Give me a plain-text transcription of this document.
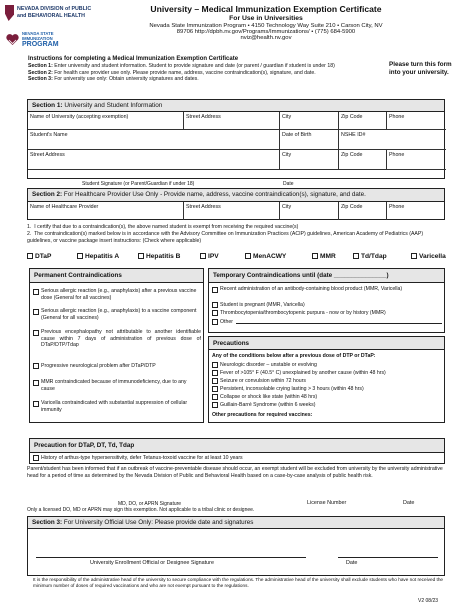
NEVADA DIVISION of PUBLIC
and BEHAVIORAL HEALTH
NEVADA STATE
IMMUNIZATION
PROGRAM
University – Medical Immunization Exemption Certificate
For Use in Universities
Nevada State Immunization Program • 4150 Technology Way Suite 210 • Carson City, NV
89706 http://dpbh.nv.gov/Programs/Immunizations/ • (775) 684-5900
nviz@health.nv.gov
Instructions for completing a Medical Immunization Exemption Certificate
Section 1: Enter university and student information. Student to provide signature and date (or parent / guardian if student is under 18)
Section 2: For health care provider use only. Please provide name, address, vaccine contraindication(s), signature, and date.
Section 3: For university use only: Obtain university signatures and dates.
Please turn this form into your university.
Section 1: University and Student Information
Name of University (accepting exemption)	Street Address	City	Zip Code	Phone
Student's Name	Date of Birth	NSHE ID#
Street Address	City	Zip Code	Phone
Student Signature (or Parent/Guardian if under 18)	Date
Section 2: For Healthcare Provider Use Only - Provide name, address, vaccine contraindication(s), signature, and date.
Name of Healthcare Provider	Street Address	City	Zip Code	Phone
1.  I certify that due to a contraindication(s), the above named student is exempt from receiving the required vaccine(s)
2.  The contraindication(s) marked below is in accordance with the Advisory Committee on Immunization Practices (ACIP) guidelines, American Academy of Pediatrics (AAP) guidelines, or vaccine package insert instructions: (Check where applicable)
DTaP	Hepatitis A	Hepatitis B	IPV	MenACWY	MMR	Td/Tdap	Varicella
Permanent Contraindications
Serious allergic reaction (e.g., anaphylaxis) after a previous vaccine dose (General for all vaccines)
Serious allergic reaction (e.g., anaphylaxis) to a vaccine component (General for all vaccines)
Previous encephalopathy not attributable to another identifiable cause within 7 days of administration of previous dose of DTaP/DTP/Tdap
Progressive neurological problem after DTaP/DTP
MMR contraindicated because of immunodeficiency, due to any cause
Varicella contraindicated with substantial suppression of cellular immunity
Temporary Contraindications until (date _______________)
Recent administration of an antibody-containing blood product (MMR, Varicella)
Student is pregnant (MMR, Varicella)
Thrombocytopenia/thrombocytopenic purpura - now or by history (MMR)
Other
Precautions
Any of the conditions below after a previous dose of DTP or DTaP:
Neurologic disorder – unstable or evolving
Fever of >105° F (40.5° C) unexplained by another cause (within 48 hrs)
Seizure or convulsion within 72 hours
Persistent, inconsolable crying lasting > 3 hours (within 48 hrs)
Collapse or shock like state (within 48 hrs)
Guillain-Barré Syndrome (within 6 weeks)
Other precautions for required vaccines:
Precaution for DTaP, DT, Td, Tdap
History of arthus-type hypersensitivity, defer Tetanus-toxoid vaccine for at least 10 years
Parent/student has been informed that if an outbreak of vaccine-preventable disease should occur, an exempt student will be excluded from university by the university administrative head for a period of time as determined by the Nevada Division of Public and Behavioral Health based on a case-by-case analysis of public health risk.
MD, DO, or APRN Signature	License Number	Date
Only a licensed DO, MD or APRN may sign this exemption. Not applicable to a tribal clinic or designee.
Section 3: For University Official Use Only: Please provide date and signatures
University Enrollment Official or Designee Signature	Date
It is the responsibility of the administrative head of the university to secure compliance with the regulations. The administrative head of the university shall exclude students who have not received the minimum number of doses of required vaccinations and who are not exempt pursuant to the regulations.
V2 08/23
